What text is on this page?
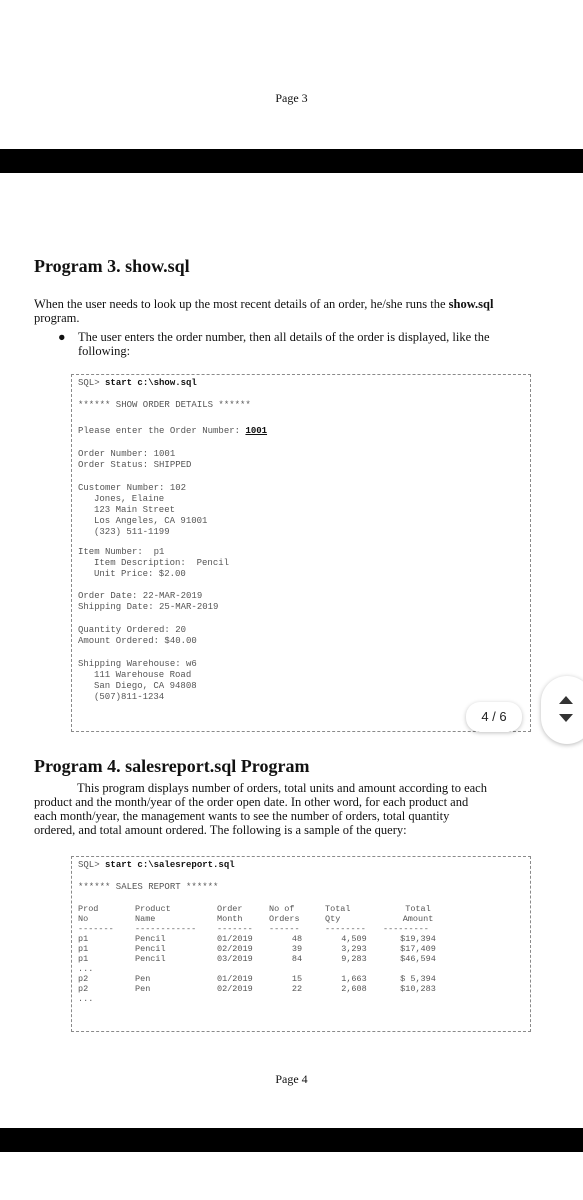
Page 3
Program 3. show.sql
When the user needs to look up the most recent details of an order, he/she runs the show.sql
program.
● The user enters the order number, then all details of the order is displayed, like the
following:
SQL> start c:\show.sql
****** SHOW ORDER DETAILS ******
Please enter the Order Number: 1001
Order Number: 1001
Order Status: SHIPPED
Customer Number: 102
Jones, Elaine
123 Main Street
Los Angeles, CA 91001
(323) 511-1199
Item Number:  p1
Item Description:  Pencil
Unit Price: $2.00
Order Date: 22-MAR-2019
Shipping Date: 25-MAR-2019
Quantity Ordered: 20
Amount Ordered: $40.00
Shipping Warehouse: w6
111 Warehouse Road
San Diego, CA 94808
(507)811-1234
Program 4. salesreport.sql Program
This program displays number of orders, total units and amount according to each
product and the month/year of the order open date. In other word, for each product and
each month/year, the management wants to see the number of orders, total quantity
ordered, and total amount ordered. The following is a sample of the query:
SQL> start c:\salesreport.sql
****** SALES REPORT ******
Prod	Product	Order	No of	Total	Total
No	Name	Month	Orders	Qty	Amount
-------	------------	-------	------	--------	---------
p1	Pencil	01/2019	48	4,509	$19,394
p1	Pencil	02/2019	39	3,293	$17,409
p1	Pencil	03/2019	84	9,283	$46,594
...					
p2	Pen	01/2019	15	1,663	$ 5,394
p2	Pen	02/2019	22	2,608	$10,283
...					
Page 4
4 / 6
